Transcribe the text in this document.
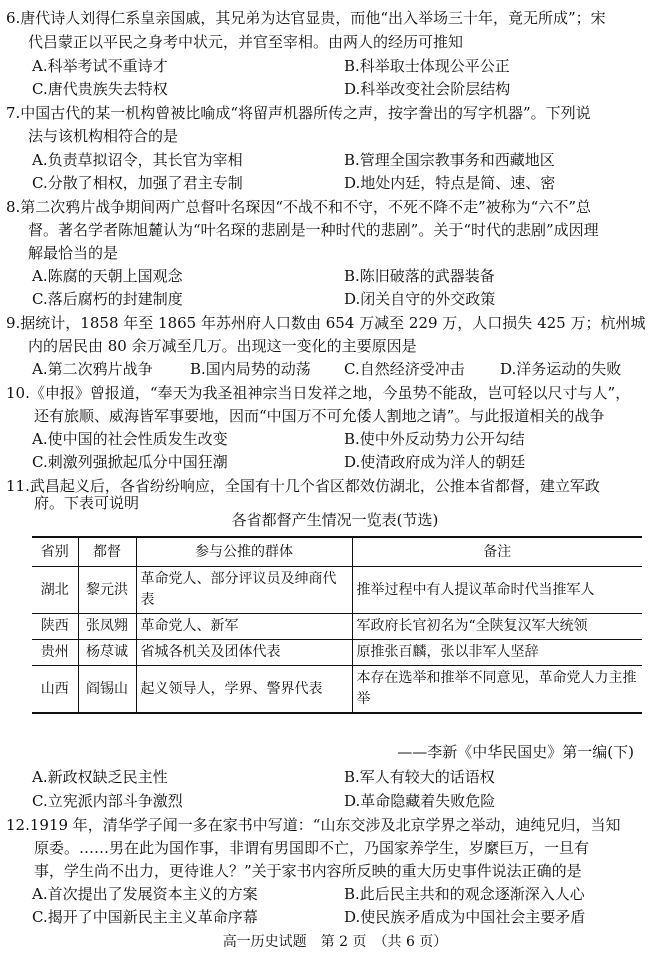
6.唐代诗人刘得仁系皇亲国戚，其兄弟为达官显贵，而他“出入举场三十年，竟无所成”；宋
代吕蒙正以平民之身考中状元，并官至宰相。由两人的经历可推知
A.科举考试不重诗才	B.科举取士体现公平公正
C.唐代贵族失去特权	D.科举改变社会阶层结构
7.中国古代的某一机构曾被比喻成“将留声机器所传之声，按字誊出的写字机器”。下列说
法与该机构相符合的是
A.负责草拟诏令，其长官为宰相	B.管理全国宗教事务和西藏地区
C.分散了相权，加强了君主专制	D.地处内廷，特点是简、速、密
8.第二次鸦片战争期间两广总督叶名琛因“不战不和不守，不死不降不走”被称为“六不”总
督。著名学者陈旭麓认为“叶名琛的悲剧是一种时代的悲剧”。关于“时代的悲剧”成因理
解最恰当的是
A.陈腐的天朝上国观念	B.陈旧破落的武器装备
C.落后腐朽的封建制度	D.闭关自守的外交政策
9.据统计，1858 年至 1865 年苏州府人口数由 654 万减至 229 万，人口损失 425 万；杭州城
内的居民由 80 余万减至几万。出现这一变化的主要原因是
A.第二次鸦片战争 B.国内局势的动荡 C.自然经济受冲击 D.洋务运动的失败
10.《申报》曾报道，“奉天为我圣祖神宗当日发祥之地，今虽势不能敌，岂可轻以尺寸与人”，
还有旅顺、威海皆军事要地，因而“中国万不可允倭人割地之请”。与此报道相关的战争
A.使中国的社会性质发生改变	B.使中外反动势力公开勾结
C.刺激列强掀起瓜分中国狂潮	D.使清政府成为洋人的朝廷
11.武昌起义后，各省纷纷响应，全国有十几个省区都效仿湖北，公推本省都督，建立军政
府。下表可说明
各省都督产生情况一览表(节选)
省别	都督	参与公推的群体	备注
湖北	黎元洪	革命党人、部分评议员及绅商代表	推举过程中有人提议革命时代当推军人
陕西	张凤翙	革命党人、新军	军政府长官初名为“全陕复汉军大统领
贵州	杨荩诚	省城各机关及团体代表	原推张百麟，张以非军人坚辞
山西	阎锡山	起义领导人，学界、警界代表	本存在选举和推举不同意见，革命党人力主推举
——李新《中华民国史》第一编(下)
A.新政权缺乏民主性	B.军人有较大的话语权
C.立宪派内部斗争激烈	D.革命隐藏着失败危险
12.1919 年，清华学子闻一多在家书中写道：“山东交涉及北京学界之举动，迪纯兄归，当知
原委。……男在此为国作事，非谓有男国即不亡，乃国家养学生，岁縻巨万，一旦有
事，学生尚不出力，更待谁人？”关于家书内容所反映的重大历史事件说法正确的是
A.首次提出了发展资本主义的方案	B.此后民主共和的观念逐渐深入人心
C.揭开了中国新民主主义革命序幕	D.使民族矛盾成为中国社会主要矛盾
高一历史试题　第 2 页　（共 6 页）
